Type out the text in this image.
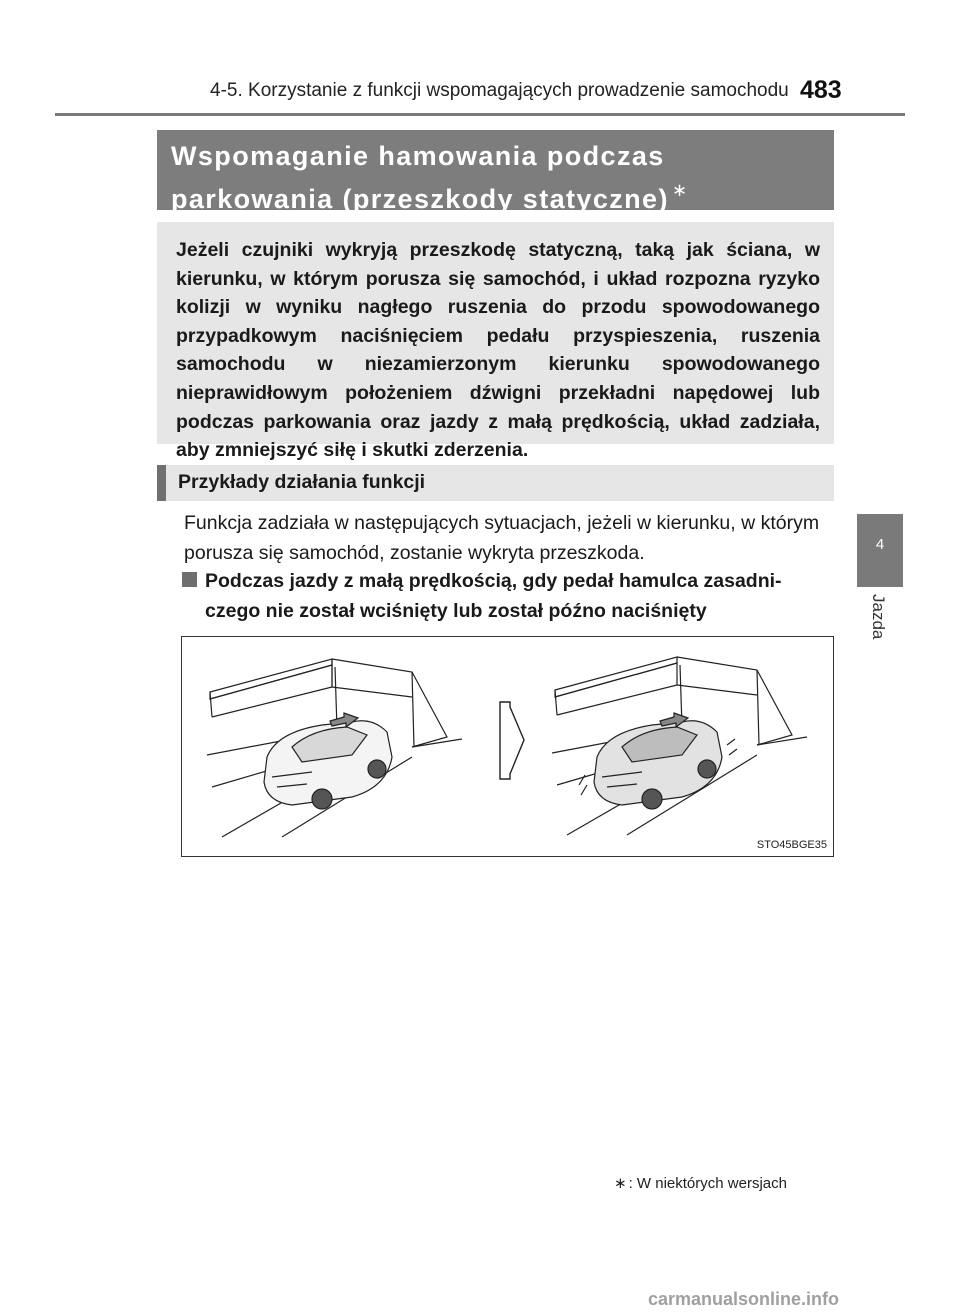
4-5. Korzystanie z funkcji wspomagających prowadzenie samochodu 483
Wspomaganie hamowania podczas
parkowania (przeszkody statyczne) ∗
Jeżeli czujniki wykryją przeszkodę statyczną, taką jak ściana, w kierunku, w którym porusza się samochód, i układ rozpozna ryzyko kolizji w wyniku nagłego ruszenia do przodu spowodowanego przypadkowym naciśnięciem pedału przyspieszenia, ruszenia samochodu w niezamierzonym kierunku spowodowanego nieprawidłowym położeniem dźwigni przekładni napędowej lub podczas parkowania oraz jazdy z małą prędkością, układ zadziała, aby zmniejszyć siłę i skutki zderzenia.
Przykłady działania funkcji
Funkcja zadziała w następujących sytuacjach, jeżeli w kierunku, w którym porusza się samochód, zostanie wykryta przeszkoda.
Podczas jazdy z małą prędkością, gdy pedał hamulca zasadni-
czego nie został wciśnięty lub został późno naciśnięty
STO45BGE35
4
Jazda
∗ : W niektórych wersjach
carmanualsonline.info
